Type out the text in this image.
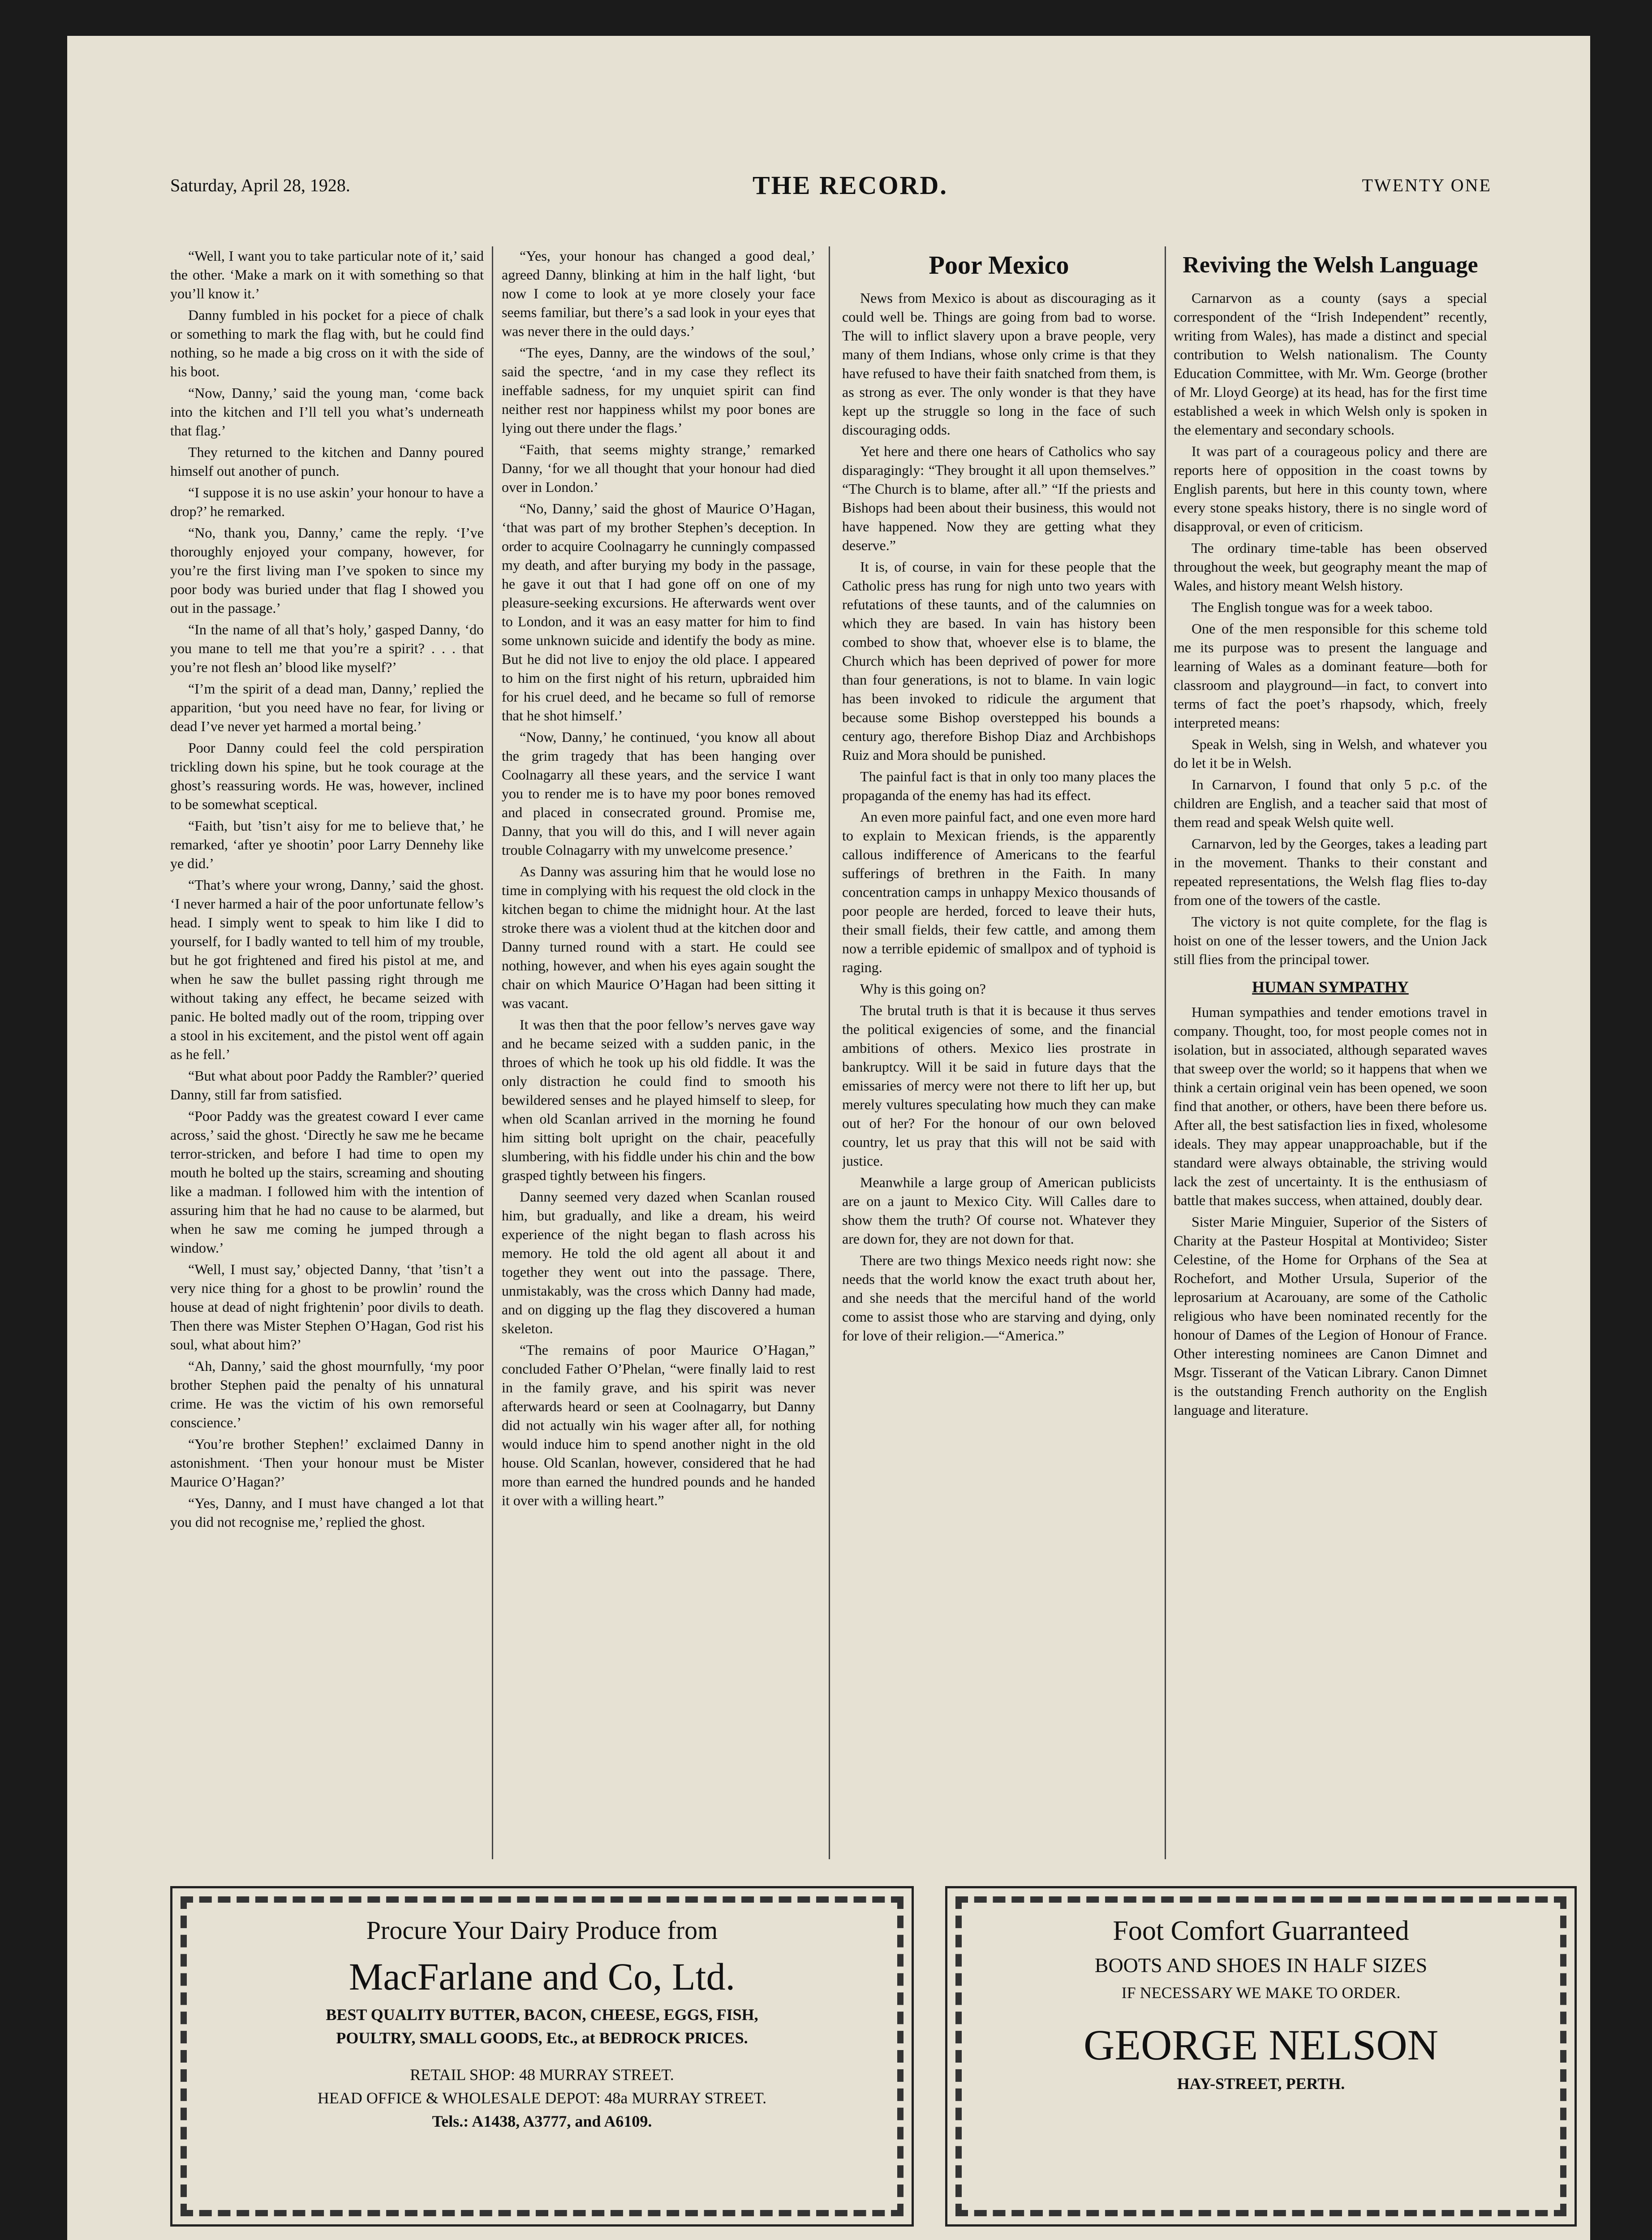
Saturday, April 28, 1928.	THE RECORD.	TWENTY ONE

“Well, I want you to take particular note of it,’ said the other. ‘Make a mark on it with something so that you’ll know it.’

Danny fumbled in his pocket for a piece of chalk or something to mark the flag with, but he could find nothing, so he made a big cross on it with the side of his boot.

“Now, Danny,’ said the young man, ‘come back into the kitchen and I’ll tell you what’s underneath that flag.’

They returned to the kitchen and Danny poured himself out another of punch.

“I suppose it is no use askin’ your honour to have a drop?’ he remarked.

“No, thank you, Danny,’ came the reply. ‘I’ve thoroughly enjoyed your company, however, for you’re the first living man I’ve spoken to since my poor body was buried under that flag I showed you out in the passage.’

“In the name of all that’s holy,’ gasped Danny, ‘do you mane to tell me that you’re a spirit? . . . that you’re not flesh an’ blood like myself?’

“I’m the spirit of a dead man, Danny,’ replied the apparition, ‘but you need have no fear, for living or dead I’ve never yet harmed a mortal being.’

Poor Danny could feel the cold perspiration trickling down his spine, but he took courage at the ghost’s reassuring words. He was, however, inclined to be somewhat sceptical.

“Faith, but ’tisn’t aisy for me to believe that,’ he remarked, ‘after ye shootin’ poor Larry Dennehy like ye did.’

“That’s where your wrong, Danny,’ said the ghost. ‘I never harmed a hair of the poor unfortunate fellow’s head. I simply went to speak to him like I did to yourself, for I badly wanted to tell him of my trouble, but he got frightened and fired his pistol at me, and when he saw the bullet passing right through me without taking any effect, he became seized with panic. He bolted madly out of the room, tripping over a stool in his excitement, and the pistol went off again as he fell.’

“But what about poor Paddy the Rambler?’ queried Danny, still far from satisfied.

“Poor Paddy was the greatest coward I ever came across,’ said the ghost. ‘Directly he saw me he became terror-stricken, and before I had time to open my mouth he bolted up the stairs, screaming and shouting like a madman. I followed him with the intention of assuring him that he had no cause to be alarmed, but when he saw me coming he jumped through a window.’

“Well, I must say,’ objected Danny, ‘that ’tisn’t a very nice thing for a ghost to be prowlin’ round the house at dead of night frightenin’ poor divils to death. Then there was Mister Stephen O’Hagan, God rist his soul, what about him?’

“Ah, Danny,’ said the ghost mournfully, ‘my poor brother Stephen paid the penalty of his unnatural crime. He was the victim of his own remorseful conscience.’

“You’re brother Stephen!’ exclaimed Danny in astonishment. ‘Then your honour must be Mister Maurice O’Hagan?’

“Yes, Danny, and I must have changed a lot that you did not recognise me,’ replied the ghost.

“Yes, your honour has changed a good deal,’ agreed Danny, blinking at him in the half light, ‘but now I come to look at ye more closely your face seems familiar, but there’s a sad look in your eyes that was never there in the ould days.’

“The eyes, Danny, are the windows of the soul,’ said the spectre, ‘and in my case they reflect its ineffable sadness, for my unquiet spirit can find neither rest nor happiness whilst my poor bones are lying out there under the flags.’

“Faith, that seems mighty strange,’ remarked Danny, ‘for we all thought that your honour had died over in London.’

“No, Danny,’ said the ghost of Maurice O’Hagan, ‘that was part of my brother Stephen’s deception. In order to acquire Coolnagarry he cunningly compassed my death, and after burying my body in the passage, he gave it out that I had gone off on one of my pleasure-seeking excursions. He afterwards went over to London, and it was an easy matter for him to find some unknown suicide and identify the body as mine. But he did not live to enjoy the old place. I appeared to him on the first night of his return, upbraided him for his cruel deed, and he became so full of remorse that he shot himself.’

“Now, Danny,’ he continued, ‘you know all about the grim tragedy that has been hanging over Coolnagarry all these years, and the service I want you to render me is to have my poor bones removed and placed in consecrated ground. Promise me, Danny, that you will do this, and I will never again trouble Colnagarry with my unwelcome presence.’

As Danny was assuring him that he would lose no time in complying with his request the old clock in the kitchen began to chime the midnight hour. At the last stroke there was a violent thud at the kitchen door and Danny turned round with a start. He could see nothing, however, and when his eyes again sought the chair on which Maurice O’Hagan had been sitting it was vacant.

It was then that the poor fellow’s nerves gave way and he became seized with a sudden panic, in the throes of which he took up his old fiddle. It was the only distraction he could find to smooth his bewildered senses and he played himself to sleep, for when old Scanlan arrived in the morning he found him sitting bolt upright on the chair, peacefully slumbering, with his fiddle under his chin and the bow grasped tightly between his fingers.

Danny seemed very dazed when Scanlan roused him, but gradually, and like a dream, his weird experience of the night began to flash across his memory. He told the old agent all about it and together they went out into the passage. There, unmistakably, was the cross which Danny had made, and on digging up the flag they discovered a human skeleton.

“The remains of poor Maurice O’Hagan,” concluded Father O’Phelan, “were finally laid to rest in the family grave, and his spirit was never afterwards heard or seen at Coolnagarry, but Danny did not actually win his wager after all, for nothing would induce him to spend another night in the old house. Old Scanlan, however, considered that he had more than earned the hundred pounds and he handed it over with a willing heart.”

Poor Mexico

News from Mexico is about as discouraging as it could well be. Things are going from bad to worse. The will to inflict slavery upon a brave people, very many of them Indians, whose only crime is that they have refused to have their faith snatched from them, is as strong as ever. The only wonder is that they have kept up the struggle so long in the face of such discouraging odds.

Yet here and there one hears of Catholics who say disparagingly: “They brought it all upon themselves.” “The Church is to blame, after all.” “If the priests and Bishops had been about their business, this would not have happened. Now they are getting what they deserve.”

It is, of course, in vain for these people that the Catholic press has rung for nigh unto two years with refutations of these taunts, and of the calumnies on which they are based. In vain has history been combed to show that, whoever else is to blame, the Church which has been deprived of power for more than four generations, is not to blame. In vain logic has been invoked to ridicule the argument that because some Bishop overstepped his bounds a century ago, therefore Bishop Diaz and Archbishops Ruiz and Mora should be punished.

The painful fact is that in only too many places the propaganda of the enemy has had its effect.

An even more painful fact, and one even more hard to explain to Mexican friends, is the apparently callous indifference of Americans to the fearful sufferings of brethren in the Faith. In many concentration camps in unhappy Mexico thousands of poor people are herded, forced to leave their huts, their small fields, their few cattle, and among them now a terrible epidemic of smallpox and of typhoid is raging.

Why is this going on?

The brutal truth is that it is because it thus serves the political exigencies of some, and the financial ambitions of others. Mexico lies prostrate in bankruptcy. Will it be said in future days that the emissaries of mercy were not there to lift her up, but merely vultures speculating how much they can make out of her? For the honour of our own beloved country, let us pray that this will not be said with justice.

Meanwhile a large group of American publicists are on a jaunt to Mexico City. Will Calles dare to show them the truth? Of course not. Whatever they are down for, they are not down for that.

There are two things Mexico needs right now: she needs that the world know the exact truth about her, and she needs that the merciful hand of the world come to assist those who are starving and dying, only for love of their religion.—“America.”

Reviving the Welsh Language

Carnarvon as a county (says a special correspondent of the “Irish Independent” recently, writing from Wales), has made a distinct and special contribution to Welsh nationalism. The County Education Committee, with Mr. Wm. George (brother of Mr. Lloyd George) at its head, has for the first time established a week in which Welsh only is spoken in the elementary and secondary schools.

It was part of a courageous policy and there are reports here of opposition in the coast towns by English parents, but here in this county town, where every stone speaks history, there is no single word of disapproval, or even of criticism.

The ordinary time-table has been observed throughout the week, but geography meant the map of Wales, and history meant Welsh history.

The English tongue was for a week taboo.

One of the men responsible for this scheme told me its purpose was to present the language and learning of Wales as a dominant feature—both for classroom and playground—in fact, to convert into terms of fact the poet’s rhapsody, which, freely interpreted means:

Speak in Welsh, sing in Welsh, and whatever you do let it be in Welsh.

In Carnarvon, I found that only 5 p.c. of the children are English, and a teacher said that most of them read and speak Welsh quite well.

Carnarvon, led by the Georges, takes a leading part in the movement. Thanks to their constant and repeated representations, the Welsh flag flies to-day from one of the towers of the castle.

The victory is not quite complete, for the flag is hoist on one of the lesser towers, and the Union Jack still flies from the principal tower.

HUMAN SYMPATHY

Human sympathies and tender emotions travel in company. Thought, too, for most people comes not in isolation, but in associated, although separated waves that sweep over the world; so it happens that when we think a certain original vein has been opened, we soon find that another, or others, have been there before us. After all, the best satisfaction lies in fixed, wholesome ideals. They may appear unapproachable, but if the standard were always obtainable, the striving would lack the zest of uncertainty. It is the enthusiasm of battle that makes success, when attained, doubly dear.

Sister Marie Minguier, Superior of the Sisters of Charity at the Pasteur Hospital at Montivideo; Sister Celestine, of the Home for Orphans of the Sea at Rochefort, and Mother Ursula, Superior of the leprosarium at Acarouany, are some of the Catholic religious who have been nominated recently for the honour of Dames of the Legion of Honour of France. Other interesting nominees are Canon Dimnet and Msgr. Tisserant of the Vatican Library. Canon Dimnet is the outstanding French authority on the English language and literature.

Procure Your Dairy Produce from
MacFarlane and Co, Ltd.
BEST QUALITY BUTTER, BACON, CHEESE, EGGS, FISH,
POULTRY, SMALL GOODS, Etc., at BEDROCK PRICES.
RETAIL SHOP: 48 MURRAY STREET.
HEAD OFFICE & WHOLESALE DEPOT: 48a MURRAY STREET.
Tels.: A1438, A3777, and A6109.
Foot Comfort Guarranteed
BOOTS AND SHOES IN HALF SIZES
IF NECESSARY WE MAKE TO ORDER.
GEORGE NELSON
HAY-STREET, PERTH.
